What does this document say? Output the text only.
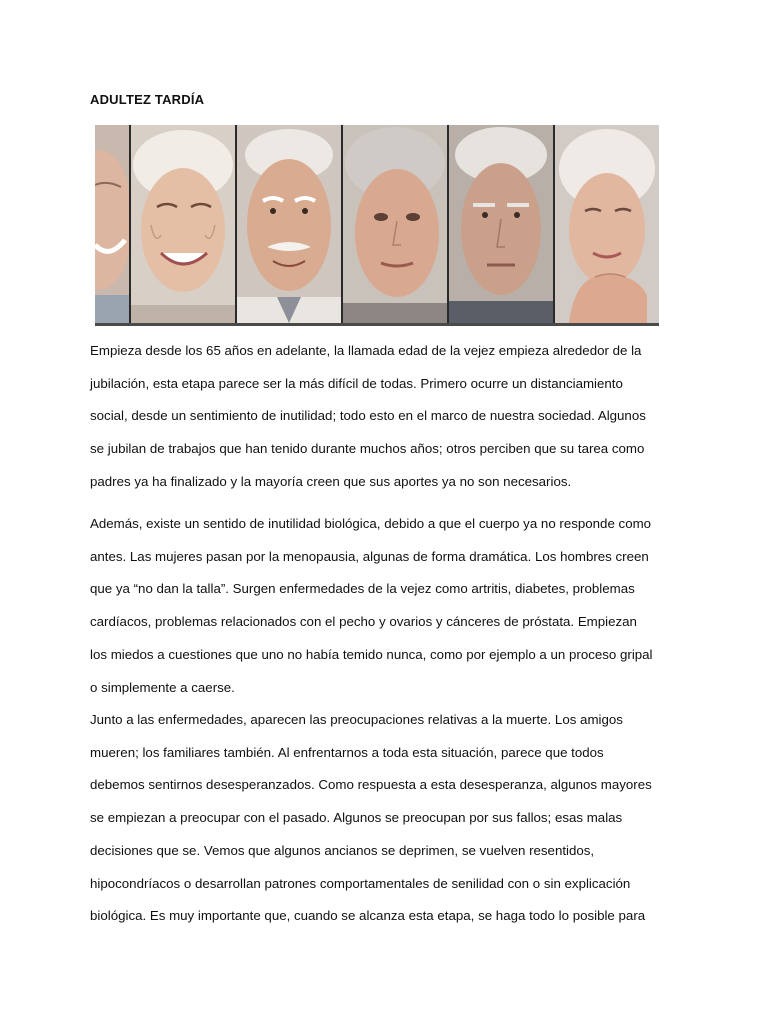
ADULTEZ TARDÍA

Empieza desde los 65 años en adelante, la llamada edad de la vejez empieza alrededor de la
jubilación, esta etapa parece ser la más difícil de todas. Primero ocurre un distanciamiento
social, desde un sentimiento de inutilidad; todo esto en el marco de nuestra sociedad. Algunos
se jubilan de trabajos que han tenido durante muchos años; otros perciben que su tarea como
padres ya ha finalizado y la mayoría creen que sus aportes ya no son necesarios.

Además, existe un sentido de inutilidad biológica, debido a que el cuerpo ya no responde como
antes. Las mujeres pasan por la menopausia, algunas de forma dramática. Los hombres creen
que ya “no dan la talla”. Surgen enfermedades de la vejez como artritis, diabetes, problemas
cardíacos, problemas relacionados con el pecho y ovarios y cánceres de próstata. Empiezan
los miedos a cuestiones que uno no había temido nunca, como por ejemplo a un proceso gripal
o simplemente a caerse.

Junto a las enfermedades, aparecen las preocupaciones relativas a la muerte. Los amigos
mueren; los familiares también. Al enfrentarnos a toda esta situación, parece que todos
debemos sentirnos desesperanzados. Como respuesta a esta desesperanza, algunos mayores
se empiezan a preocupar con el pasado. Algunos se preocupan por sus fallos; esas malas
decisiones que se. Vemos que algunos ancianos se deprimen, se vuelven resentidos,
hipocondríacos o desarrollan patrones comportamentales de senilidad con o sin explicación
biológica. Es muy importante que, cuando se alcanza esta etapa, se haga todo lo posible para
